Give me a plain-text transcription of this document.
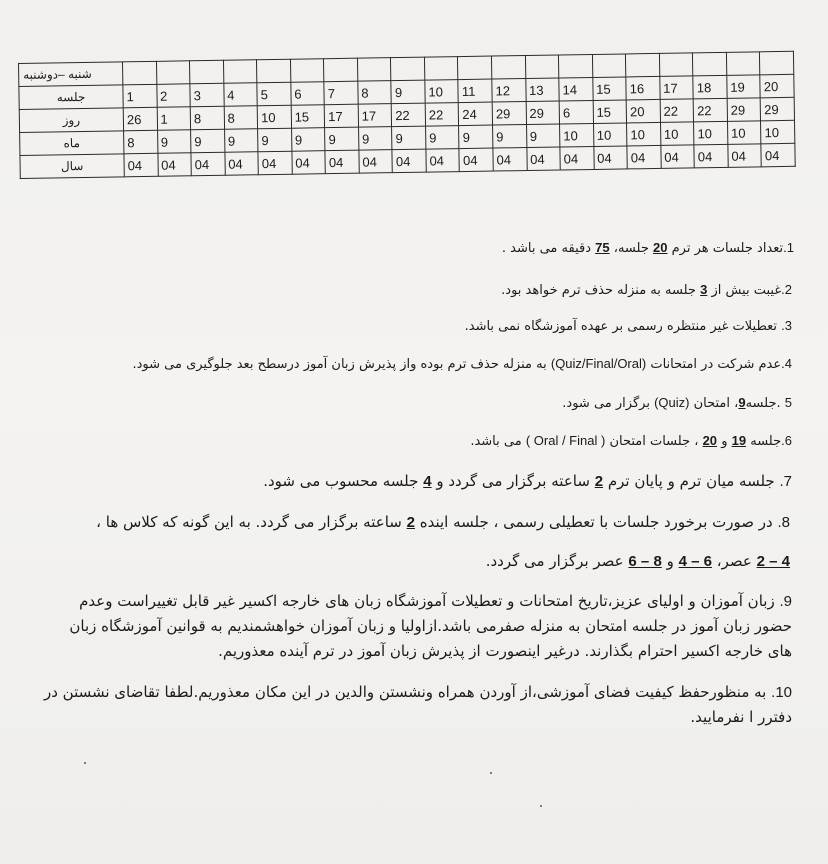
شنبه –دوشنبه																				
جلسه	1	2	3	4	5	6	7	8	9	10	11	12	13	14	15	16	17	18	19	20
روز	26	1	8	8	10	15	17	17	22	22	24	29	29	6	15	20	22	22	29	29
ماه	8	9	9	9	9	9	9	9	9	9	9	9	9	10	10	10	10	10	10	10
سال	04	04	04	04	04	04	04	04	04	04	04	04	04	04	04	04	04	04	04	04
1.تعداد جلسات هر ترم 20 جلسه، 75 دقیقه می باشد .
2.غیبت بیش از 3 جلسه به منزله حذف ترم خواهد بود.
3. تعطیلات غیر منتظره رسمی بر عهده آموزشگاه نمی باشد.
4.عدم شرکت در امتحانات (Quiz/Final/Oral) به منزله حذف ترم بوده واز پذیرش زبان آموز درسطح بعد جلوگیری می شود.
5 .جلسه9، امتحان (Quiz) برگزار می شود.
6.جلسه 19 و 20 ، جلسات امتحان ( Oral / Final ) می باشد.
7. جلسه میان ترم و پایان ترم 2 ساعته برگزار می گردد و 4 جلسه محسوب می شود.
8. در صورت برخورد جلسات با تعطیلی رسمی ، جلسه اینده 2 ساعته برگزار می گردد. به این گونه که کلاس ها ،
2 – 4 عصر، 4 – 6 و 6 – 8 عصر برگزار می گردد.
9. زبان آموزان و اولیای عزیز،تاریخ امتحانات و تعطیلات آموزشگاه زبان های خارجه اکسیر غیر قابل تغییراست وعدم
حضور زبان آموز در جلسه امتحان به منزله صفرمی باشد.ازاولیا و زبان آموزان خواهشمندیم به قوانین آموزشگاه زبان
های خارجه اکسیر احترام بگذارند. درغیر اینصورت از پذیرش زبان آموز در ترم آینده معذوریم.
10. به منظورحفظ کیفیت فضای آموزشی،از آوردن همراه ونشستن والدین در این مکان معذوریم.لطفا تقاضای نشستن در
دفترر ا نفرمایید.
